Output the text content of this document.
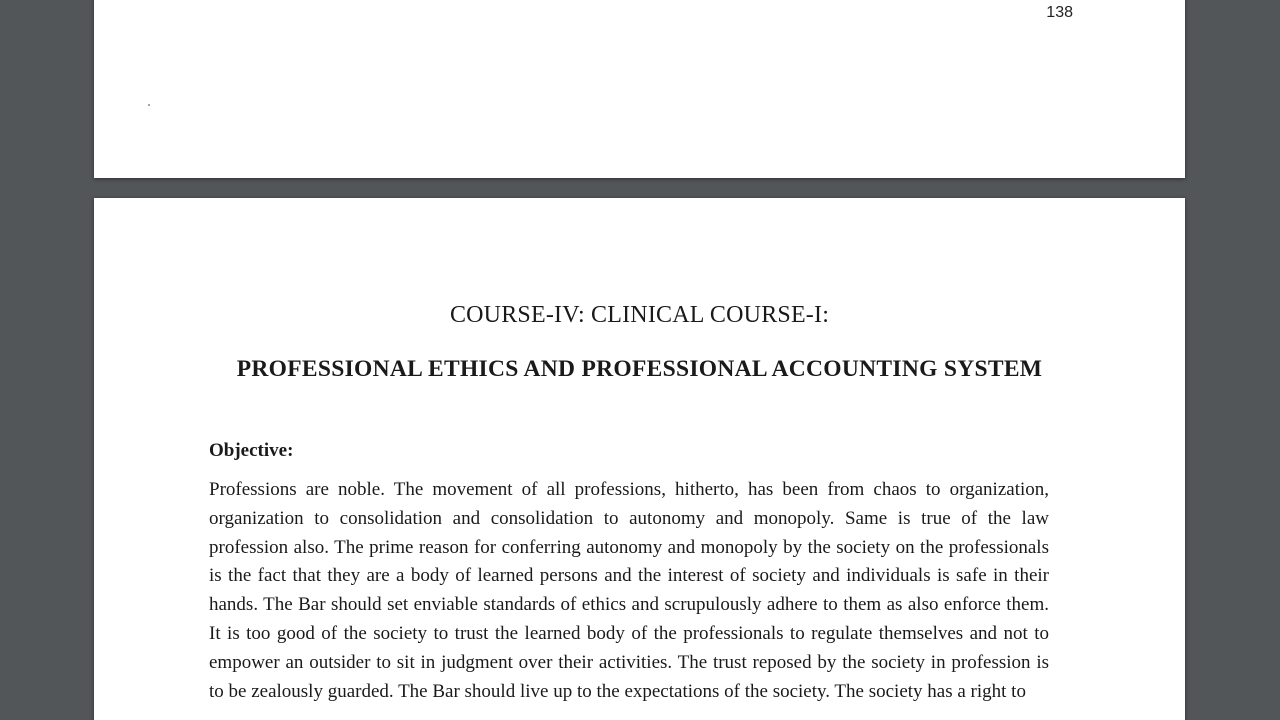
138
COURSE-IV: CLINICAL COURSE-I:
PROFESSIONAL ETHICS AND PROFESSIONAL ACCOUNTING SYSTEM
Objective:
Professions are noble. The movement of all professions, hitherto, has been from chaos to organization, organization to consolidation and consolidation to autonomy and monopoly. Same is true of the law profession also. The prime reason for conferring autonomy and monopoly by the society on the professionals is the fact that they are a body of learned persons and the interest of society and individuals is safe in their hands. The Bar should set enviable standards of ethics and scrupulously adhere to them as also enforce them. It is too good of the society to trust the learned body of the professionals to regulate themselves and not to empower an outsider to sit in judgment over their activities. The trust reposed by the society in profession is to be zealously guarded. The Bar should live up to the expectations of the society. The society has a right to
